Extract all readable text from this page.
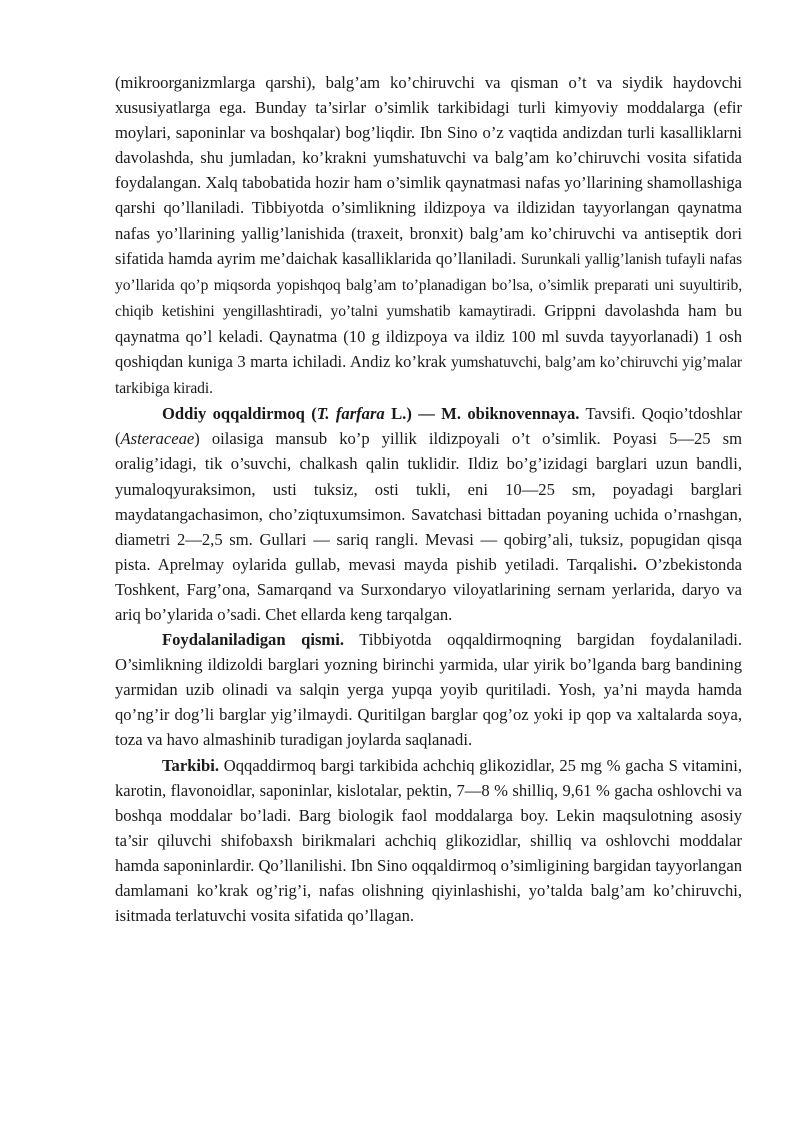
(mikroorganizmlarga qarshi), balg’am ko’chiruvchi va qisman o’t va siydik haydovchi xususiyatlarga ega. Bunday ta’sirlar o’simlik tarkibidagi turli kimyoviy moddalarga (efir moylari, saponinlar va boshqalar) bog’liqdir. Ibn Sino o’z vaqtida andizdan turli kasalliklarni davolashda, shu jumladan, ko’krakni yumshatuvchi va balg’am ko’chiruvchi vosita sifatida foydalangan. Xalq tabobatida hozir ham o’simlik qaynatmasi nafas yo’llarining shamollashiga qarshi qo’llaniladi. Tibbiyotda o’simlikning ildizpoya va ildizidan tayyorlangan qaynatma nafas yo’llarining yallig’lanishida (traxeit, bronxit) balg’am ko’chiruvchi va antiseptik dori sifatida hamda ayrim me’daichak kasalliklarida qo’llaniladi. Surunkali yallig’lanish tufayli nafas yo’llarida qo’p miqsorda yopishqoq balg’am to’planadigan bo’lsa, o’simlik preparati uni suyultirib, chiqib ketishini yengillashtiradi, yo’talni yumshatib kamaytiradi. Grippni davolashda ham bu qaynatma qo’l keladi. Qaynatma (10 g ildizpoya va ildiz 100 ml suvda tayyorlanadi) 1 osh qoshiqdan kuniga 3 marta ichiladi. Andiz ko’krak yumshatuvchi, balg’am ko’chiruvchi yig’malar tarkibiga kiradi.

Oddiy oqqaldirmoq (T. farfara L.) — M. obiknovennaya. Tavsifi. Qoqio’tdoshlar (Asteraceae) oilasiga mansub ko’p yillik ildizpoyali o’t o’simlik. Poyasi 5—25 sm oralig’idagi, tik o’suvchi, chalkash qalin tuklidir. Ildiz bo’g’izidagi barglari uzun bandli, yumaloqyuraksimon, usti tuksiz, osti tukli, eni 10—25 sm, poyadagi barglari maydatangachasimon, cho’ziqtuxumsimon. Savatchasi bittadan poyaning uchida o’rnashgan, diametri 2—2,5 sm. Gullari — sariq rangli. Mevasi — qobirg’ali, tuksiz, popugidan qisqa pista. Aprelmay oylarida gullab, mevasi mayda pishib yetiladi. Tarqalishi. O’zbekistonda Toshkent, Farg’ona, Samarqand va Surxondaryo viloyatlarining sernam yerlarida, daryo va ariq bo’ylarida o’sadi. Chet ellarda keng tarqalgan.

Foydalaniladigan qismi. Tibbiyotda oqqaldirmoqning bargidan foydalaniladi. O’simlikning ildizoldi barglari yozning birinchi yarmida, ular yirik bo’lganda barg bandining yarmidan uzib olinadi va salqin yerga yupqa yoyib quritiladi. Yosh, ya’ni mayda hamda qo’ng’ir dog’li barglar yig’ilmaydi. Quritilgan barglar qog’oz yoki ip qop va xaltalarda soya, toza va havo almashinib turadigan joylarda saqlanadi.

Tarkibi. Oqqaddirmoq bargi tarkibida achchiq glikozidlar, 25 mg % gacha S vitamini, karotin, flavonoidlar, saponinlar, kislotalar, pektin, 7—8 % shilliq, 9,61 % gacha oshlovchi va boshqa moddalar bo’ladi. Barg biologik faol moddalarga boy. Lekin maqsulotning asosiy ta’sir qiluvchi shifobaxsh birikmalari achchiq glikozidlar, shilliq va oshlovchi moddalar hamda saponinlardir. Qo’llanilishi. Ibn Sino oqqaldirmoq o’simligining bargidan tayyorlangan damlamani ko’krak og’rig’i, nafas olishning qiyinlashishi, yo’talda balg’am ko’chiruvchi, isitmada terlatuvchi vosita sifatida qo’llagan.
